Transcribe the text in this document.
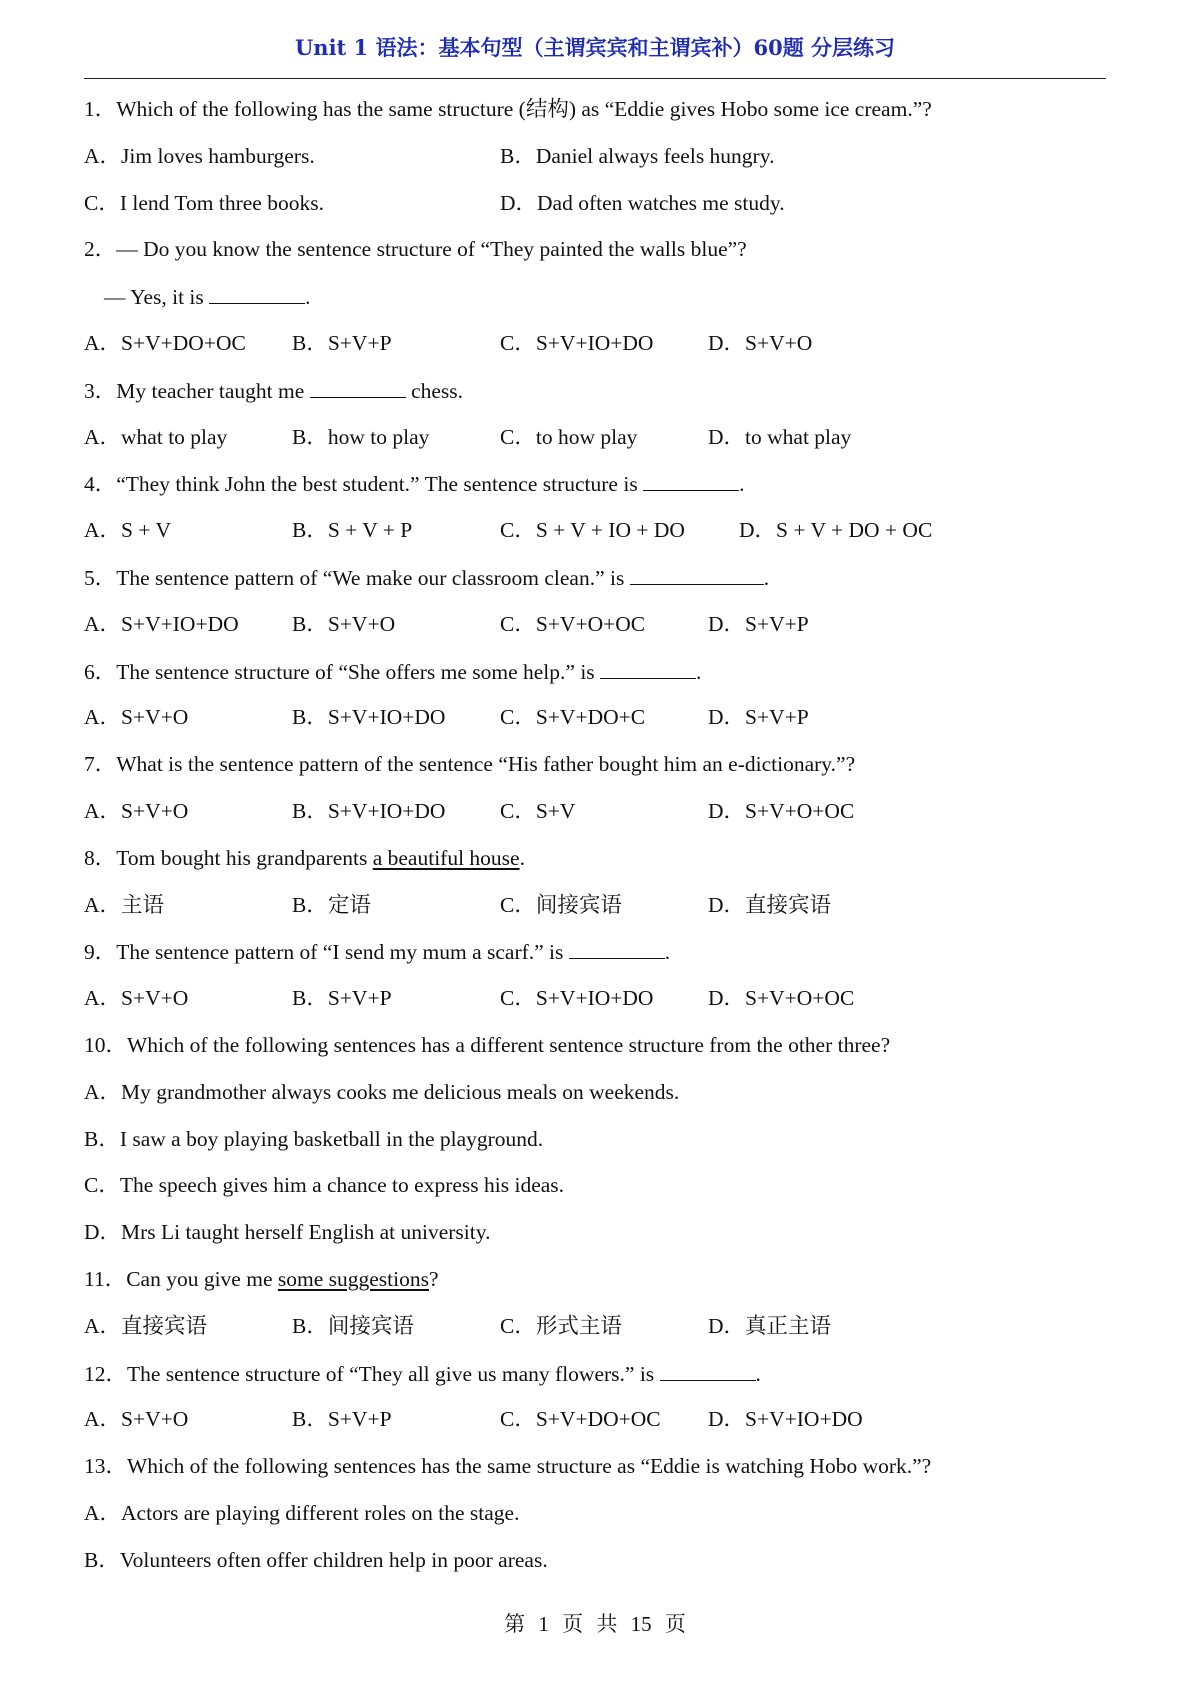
Unit 1 语法：基本句型（主谓宾宾和主谓宾补）60题 分层练习
1．Which of the following has the same structure (结构) as “Eddie gives Hobo some ice cream.”?
A．Jim loves hamburgers.	B．Daniel always feels hungry.
C．I lend Tom three books.	D．Dad often watches me study.
2．— Do you know the sentence structure of “They painted the walls blue”?
— Yes, it is	.
A．S+V+DO+OC B．S+V+P	C．S+V+IO+DO	D．S+V+O
3．My teacher taught me	chess.
A．what to play	B．how to play	C．to how play	D．to what play
4．“They think John the best student.” The sentence structure is	.
A．S + V	B．S + V + P	C．S + V + IO + DO	D．S + V + DO + OC
5．The sentence pattern of “We make our classroom clean.” is	.
A．S+V+IO+DO B．S+V+O	C．S+V+O+OC	D．S+V+P
6．The sentence structure of “She offers me some help.” is	.
A．S+V+O	B．S+V+IO+DO	C．S+V+DO+C	D．S+V+P
7．What is the sentence pattern of the sentence “His father bought him an e-dictionary.”?
A．S+V+O	B．S+V+IO+DO	C．S+V	D．S+V+O+OC
8．Tom bought his grandparents a beautiful house.
A．主语	B．定语	C．间接宾语	D．直接宾语
9．The sentence pattern of “I send my mum a scarf.” is	.
A．S+V+O	B．S+V+P	C．S+V+IO+DO	D．S+V+O+OC
10．Which of the following sentences has a different sentence structure from the other three?
A．My grandmother always cooks me delicious meals on weekends.
B．I saw a boy playing basketball in the playground.
C．The speech gives him a chance to express his ideas.
D．Mrs Li taught herself English at university.
11．Can you give me some suggestions?
A．直接宾语	B．间接宾语	C．形式主语	D．真正主语
12．The sentence structure of “They all give us many flowers.” is	.
A．S+V+O	B．S+V+P	C．S+V+DO+OC D．S+V+IO+DO
13．Which of the following sentences has the same structure as “Eddie is watching Hobo work.”?
A．Actors are playing different roles on the stage.
B．Volunteers often offer children help in poor areas.
第 1 页 共 15 页
